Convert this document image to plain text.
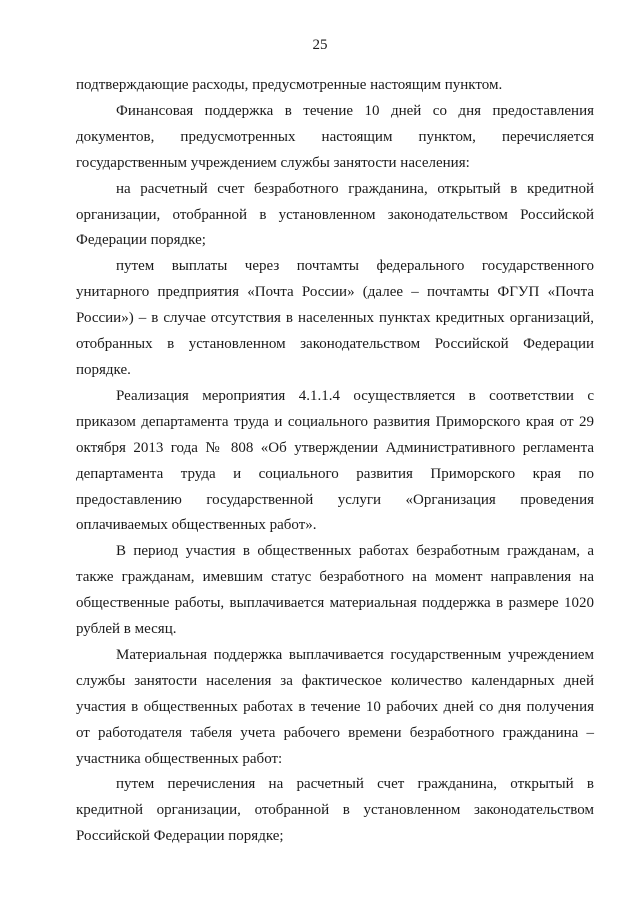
25

подтверждающие расходы, предусмотренные настоящим пунктом.

Финансовая поддержка в течение 10 дней со дня предоставления документов, предусмотренных настоящим пунктом, перечисляется государственным учреждением службы занятости населения:

на расчетный счет безработного гражданина, открытый в кредитной организации, отобранной в установленном законодательством Российской Федерации порядке;

путем выплаты через почтамты федерального государственного унитарного предприятия «Почта России» (далее – почтамты ФГУП «Почта России») – в случае отсутствия в населенных пунктах кредитных организаций, отобранных в установленном законодательством Российской Федерации порядке.

Реализация мероприятия 4.1.1.4 осуществляется в соответствии с приказом департамента труда и социального развития Приморского края от 29 октября 2013 года № 808 «Об утверждении Административного регламента департамента труда и социального развития Приморского края по предоставлению государственной услуги «Организация проведения оплачиваемых общественных работ».

В период участия в общественных работах безработным гражданам, а также гражданам, имевшим статус безработного на момент направления на общественные работы, выплачивается материальная поддержка в размере 1020 рублей в месяц.

Материальная поддержка выплачивается государственным учреждением службы занятости населения за фактическое количество календарных дней участия в общественных работах в течение 10 рабочих дней со дня получения от работодателя табеля учета рабочего времени безработного гражданина – участника общественных работ:

путем перечисления на расчетный счет гражданина, открытый в кредитной организации, отобранной в установленном законодательством Российской Федерации порядке;
